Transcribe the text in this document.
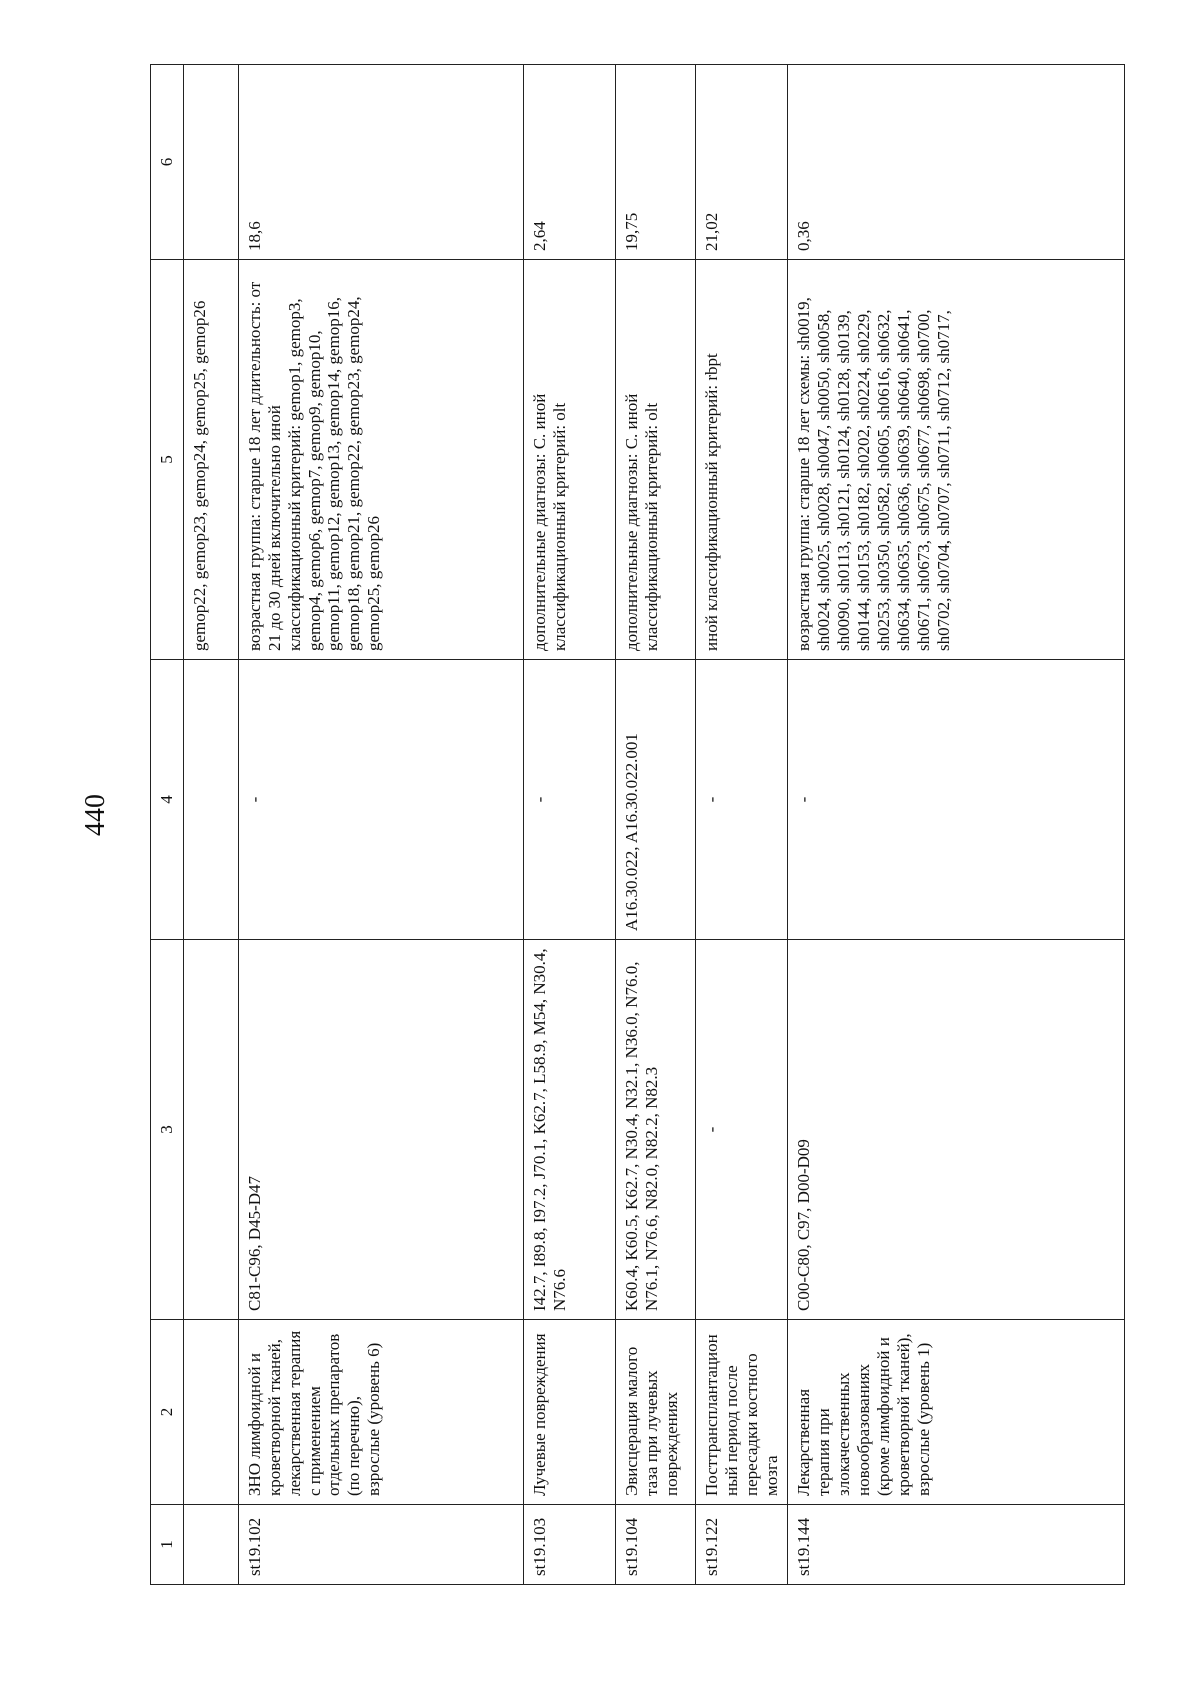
440
1	2	3	4	5	6
				gemop22, gemop23, gemop24, gemop25, gemop26	
st19.102	ЗНО лимфоидной и кроветворной тканей, лекарственная терапия с применением отдельных препаратов (по перечню), взрослые (уровень 6)	C81-C96, D45-D47	-	возрастная группа: старше 18 лет длительность: от 21 до 30 дней включительно иной классификационный критерий: gemop1, gemop3, gemop4, gemop6, gemop7, gemop9, gemop10, gemop11, gemop12, gemop13, gemop14, gemop16, gemop18, gemop21, gemop22, gemop23, gemop24, gemop25, gemop26	18,6
st19.103	Лучевые повреждения	I42.7, I89.8, I97.2, J70.1, K62.7, L58.9, M54, N30.4, N76.6	-	дополнительные диагнозы: C. иной классификационный критерий: olt	2,64
st19.104	Эвисцерация малого таза при лучевых повреждениях	K60.4, K60.5, K62.7, N30.4, N32.1, N36.0, N76.0, N76.1, N76.6, N82.0, N82.2, N82.3	A16.30.022, A16.30.022.001	дополнительные диагнозы: C. иной классификационный критерий: olt	19,75
st19.122	Посттрансплантационный период после пересадки костного мозга	-	-	иной классификационный критерий: rbpt	21,02
st19.144	Лекарственная терапия при злокачественных новообразованиях (кроме лимфоидной и кроветворной тканей), взрослые (уровень 1)	C00-C80, C97, D00-D09	-	возрастная группа: старше 18 лет схемы: sh0019, sh0024, sh0025, sh0028, sh0047, sh0050, sh0058, sh0090, sh0113, sh0121, sh0124, sh0128, sh0139, sh0144, sh0153, sh0182, sh0202, sh0224, sh0229, sh0253, sh0350, sh0582, sh0605, sh0616, sh0632, sh0634, sh0635, sh0636, sh0639, sh0640, sh0641, sh0671, sh0673, sh0675, sh0677, sh0698, sh0700, sh0702, sh0704, sh0707, sh0711, sh0712, sh0717,	0,36
